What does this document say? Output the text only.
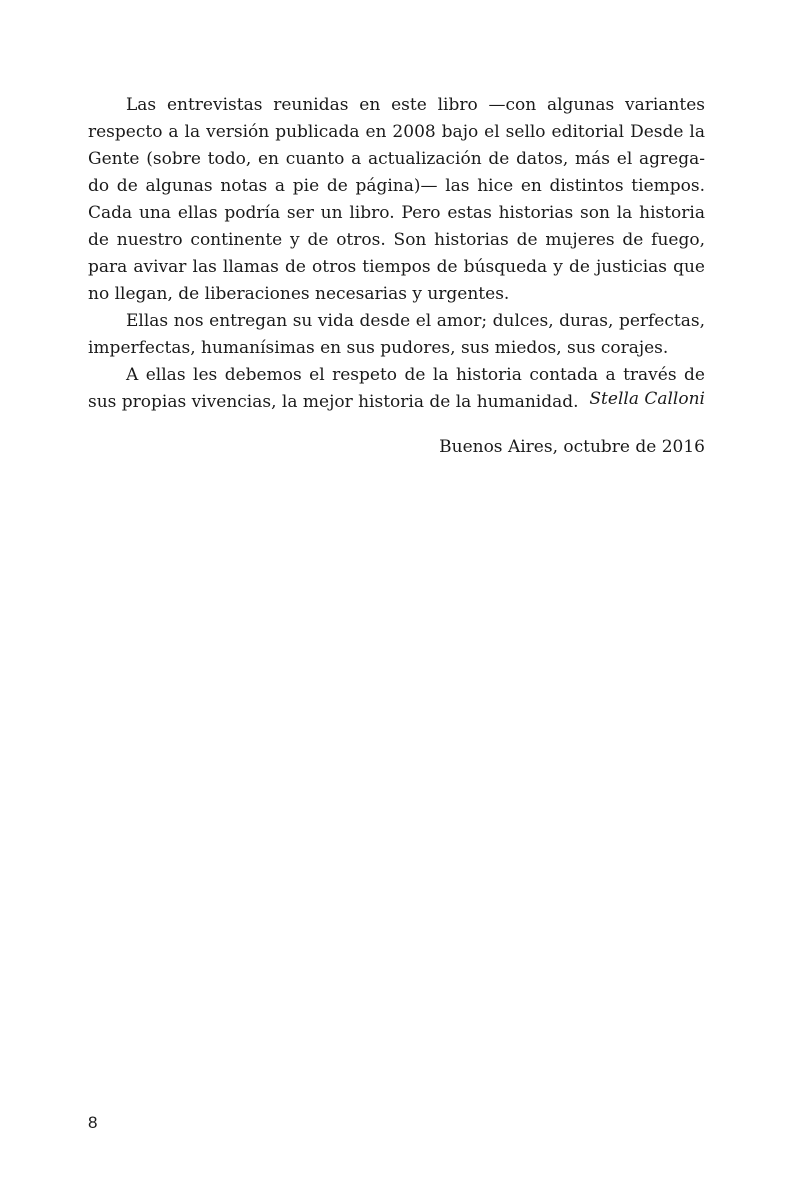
Las entrevistas reunidas en este libro —con algunas variantes
respecto a la versión publicada en 2008 bajo el sello editorial Desde la
Gente (sobre todo, en cuanto a actualización de datos, más el agrega-
do de algunas notas a pie de página)— las hice en distintos tiempos.
Cada una ellas podría ser un libro. Pero estas historias son la historia
de nuestro continente y de otros. Son historias de mujeres de fuego,
para avivar las llamas de otros tiempos de búsqueda y de justicias que
no llegan, de liberaciones necesarias y urgentes.
Ellas nos entregan su vida desde el amor; dulces, duras, perfectas,
imperfectas, humanísimas en sus pudores, sus miedos, sus corajes.
A ellas les debemos el respeto de la historia contada a través de
sus propias vivencias, la mejor historia de la humanidad. Stella Calloni
Buenos Aires, octubre de 2016
8
